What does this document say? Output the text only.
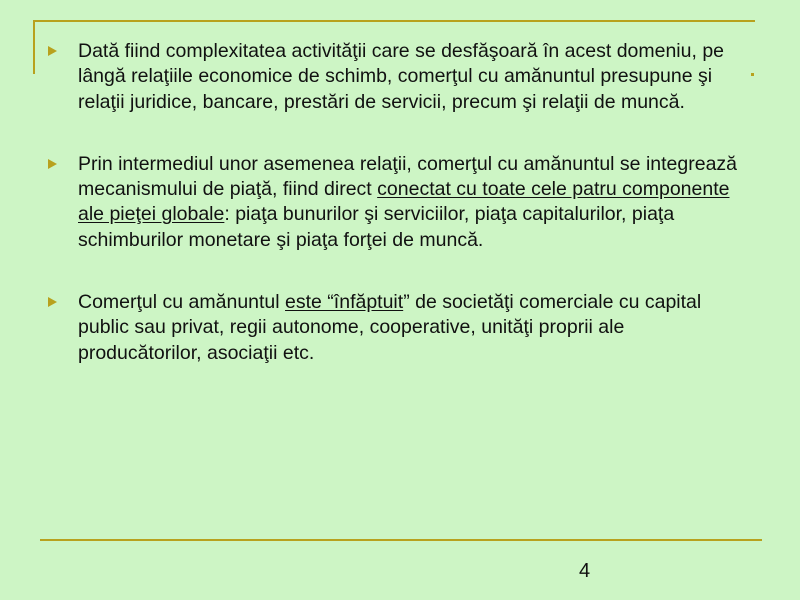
Dată fiind complexitatea activităţii care se desfăşoară în acest domeniu, pe lângă relaţiile economice de schimb, comerţul cu amănuntul presupune şi relaţii juridice, bancare, prestări de servicii, precum şi relaţii de muncă.
Prin intermediul unor asemenea relaţii, comerţul cu amănuntul se integrează mecanismului de piaţă, fiind direct conectat cu toate cele patru componente ale pieţei globale: piaţa bunurilor şi serviciilor, piaţa capitalurilor, piaţa schimburilor monetare şi piaţa forţei de muncă.
Comerţul cu amănuntul este “înfăptuit” de societăţi comerciale cu capital public sau privat, regii autonome, cooperative, unităţi proprii ale producătorilor, asociaţii etc.
4
